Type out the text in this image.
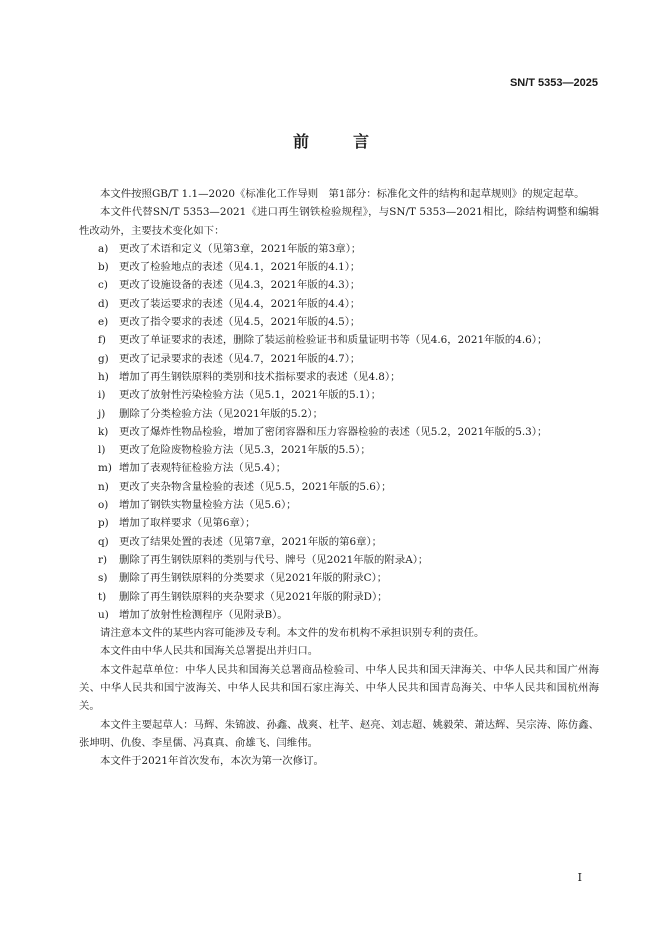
SN/T 5353—2025
前言

本文件按照GB/T 1.1—2020《标准化工作导则　第1部分：标准化文件的结构和起草规则》的规定起草。

本文件代替SN/T 5353—2021《进口再生钢铁检验规程》，与SN/T 5353—2021相比，除结构调整和编辑性改动外，主要技术变化如下：

a) 更改了术语和定义（见第3章，2021年版的第3章）；
b) 更改了检验地点的表述（见4.1，2021年版的4.1）；
c) 更改了设施设备的表述（见4.3，2021年版的4.3）；
d) 更改了装运要求的表述（见4.4，2021年版的4.4）；
e) 更改了指令要求的表述（见4.5，2021年版的4.5）；
f) 更改了单证要求的表述，删除了装运前检验证书和质量证明书等（见4.6，2021年版的4.6）；
g) 更改了记录要求的表述（见4.7，2021年版的4.7）；
h) 增加了再生钢铁原料的类别和技术指标要求的表述（见4.8）；
i) 更改了放射性污染检验方法（见5.1，2021年版的5.1）；
j) 删除了分类检验方法（见2021年版的5.2）；
k) 更改了爆炸性物品检验，增加了密闭容器和压力容器检验的表述（见5.2，2021年版的5.3）；
l) 更改了危险废物检验方法（见5.3，2021年版的5.5）；
m) 增加了表观特征检验方法（见5.4）；
n) 更改了夹杂物含量检验的表述（见5.5，2021年版的5.6）；
o) 增加了钢铁实物量检验方法（见5.6）；
p) 增加了取样要求（见第6章）；
q) 更改了结果处置的表述（见第7章，2021年版的第6章）；
r) 删除了再生钢铁原料的类别与代号、牌号（见2021年版的附录A）；
s) 删除了再生钢铁原料的分类要求（见2021年版的附录C）；
t) 删除了再生钢铁原料的夹杂要求（见2021年版的附录D）；
u) 增加了放射性检测程序（见附录B）。

请注意本文件的某些内容可能涉及专利。本文件的发布机构不承担识别专利的责任。

本文件由中华人民共和国海关总署提出并归口。

本文件起草单位：中华人民共和国海关总署商品检验司、中华人民共和国天津海关、中华人民共和国广州海关、中华人民共和国宁波海关、中华人民共和国石家庄海关、中华人民共和国青岛海关、中华人民共和国杭州海关。

本文件主要起草人：马辉、朱锦波、孙鑫、战爽、杜芊、赵亮、刘志超、姚毅荣、萧达辉、吴宗涛、陈仿鑫、张坤明、仇俊、李星儒、冯真真、俞雄飞、闫维伟。

本文件于2021年首次发布，本次为第一次修订。

I
